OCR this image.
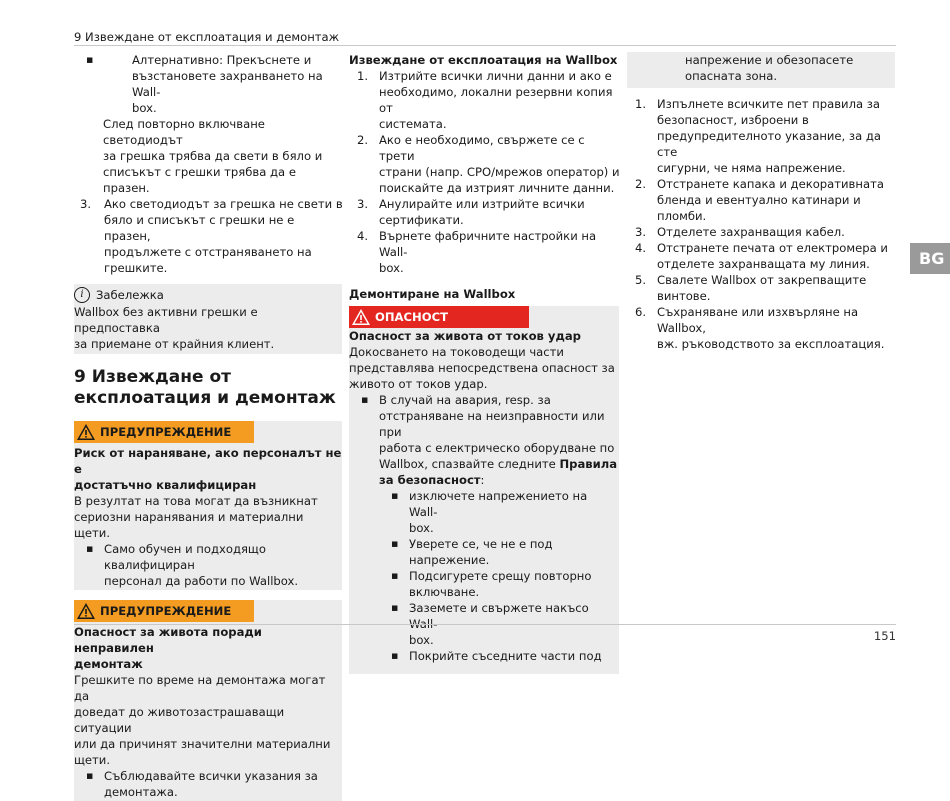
9 Извеждане от експлоатация и демонтаж
BG
▪ Алтернативно: Прекъснете и
възстановете захранването на Wall-
box.
След повторно включване светодиодът
за грешка трябва да свети в бяло и
списъкът с грешки трябва да е празен.
3. Ако светодиодът за грешка не свети в
бяло и списъкът с грешки не е празен,
продължете с отстраняването на
грешките.
i	Забележка
Wallbox без активни грешки е предпоставка
за приемане от крайния клиент.
9 Извеждане от
експлоатация и демонтаж
ПРЕДУПРЕЖДЕНИЕ
Риск от нараняване, ако персоналът не е
достатъчно квалифициран
В резултат на това могат да възникнат
сериозни наранявания и материални щети.
▪ Само обучен и подходящо квалифициран
персонал да работи по Wallbox.
ПРЕДУПРЕЖДЕНИЕ
Опасност за живота поради неправилен
демонтаж
Грешките по време на демонтажа могат да
доведат до животозастрашаващи ситуации
или да причинят значителни материални
щети.
▪ Съблюдавайте всички указания за
демонтажа.
Извеждане от експлоатация на Wallbox
1. Изтрийте всички лични данни и ако е
необходимо, локални резервни копия от
системата.
2. Ако е необходимо, свържете се с трети
страни (напр. CPO/мрежов оператор) и
поискайте да изтрият личните данни.
3. Анулирайте или изтрийте всички
сертификати.
4. Върнете фабричните настройки на Wall-
box.
Демонтиране на Wallbox
ОПАСНОСТ
Опасност за живота от токов удар
Докосването на тоководещи части
представлява непосредствена опасност за
живото от токов удар.
▪ В случай на авария, resp. за
отстраняване на неизправности или при
работа с електрическо оборудване по
Wallbox, спазвайте следните Правила
за безопасност:
▪ изключете напрежението на Wall-
box.
▪ Уверете се, че не е под
напрежение.
▪ Подсигурете срещу повторно
включване.
▪ Заземете и свържете накъсо Wall-
box.
▪ Покрийте съседните части под
напрежение и обезопасете
опасната зона.
1. Изпълнете всичките пет правила за
безопасност, изброени в
предупредителното указание, за да сте
сигурни, че няма напрежение.
2. Отстранете капака и декоративната
бленда и евентуално катинари и пломби.
3. Отделете захранващия кабел.
4. Отстранете печата от електромера и
отделете захранващата му линия.
5. Свалете Wallbox от закрепващите
винтове.
6. Съхраняване или изхвърляне на Wallbox,
вж. ръководството за експлоатация.
151
